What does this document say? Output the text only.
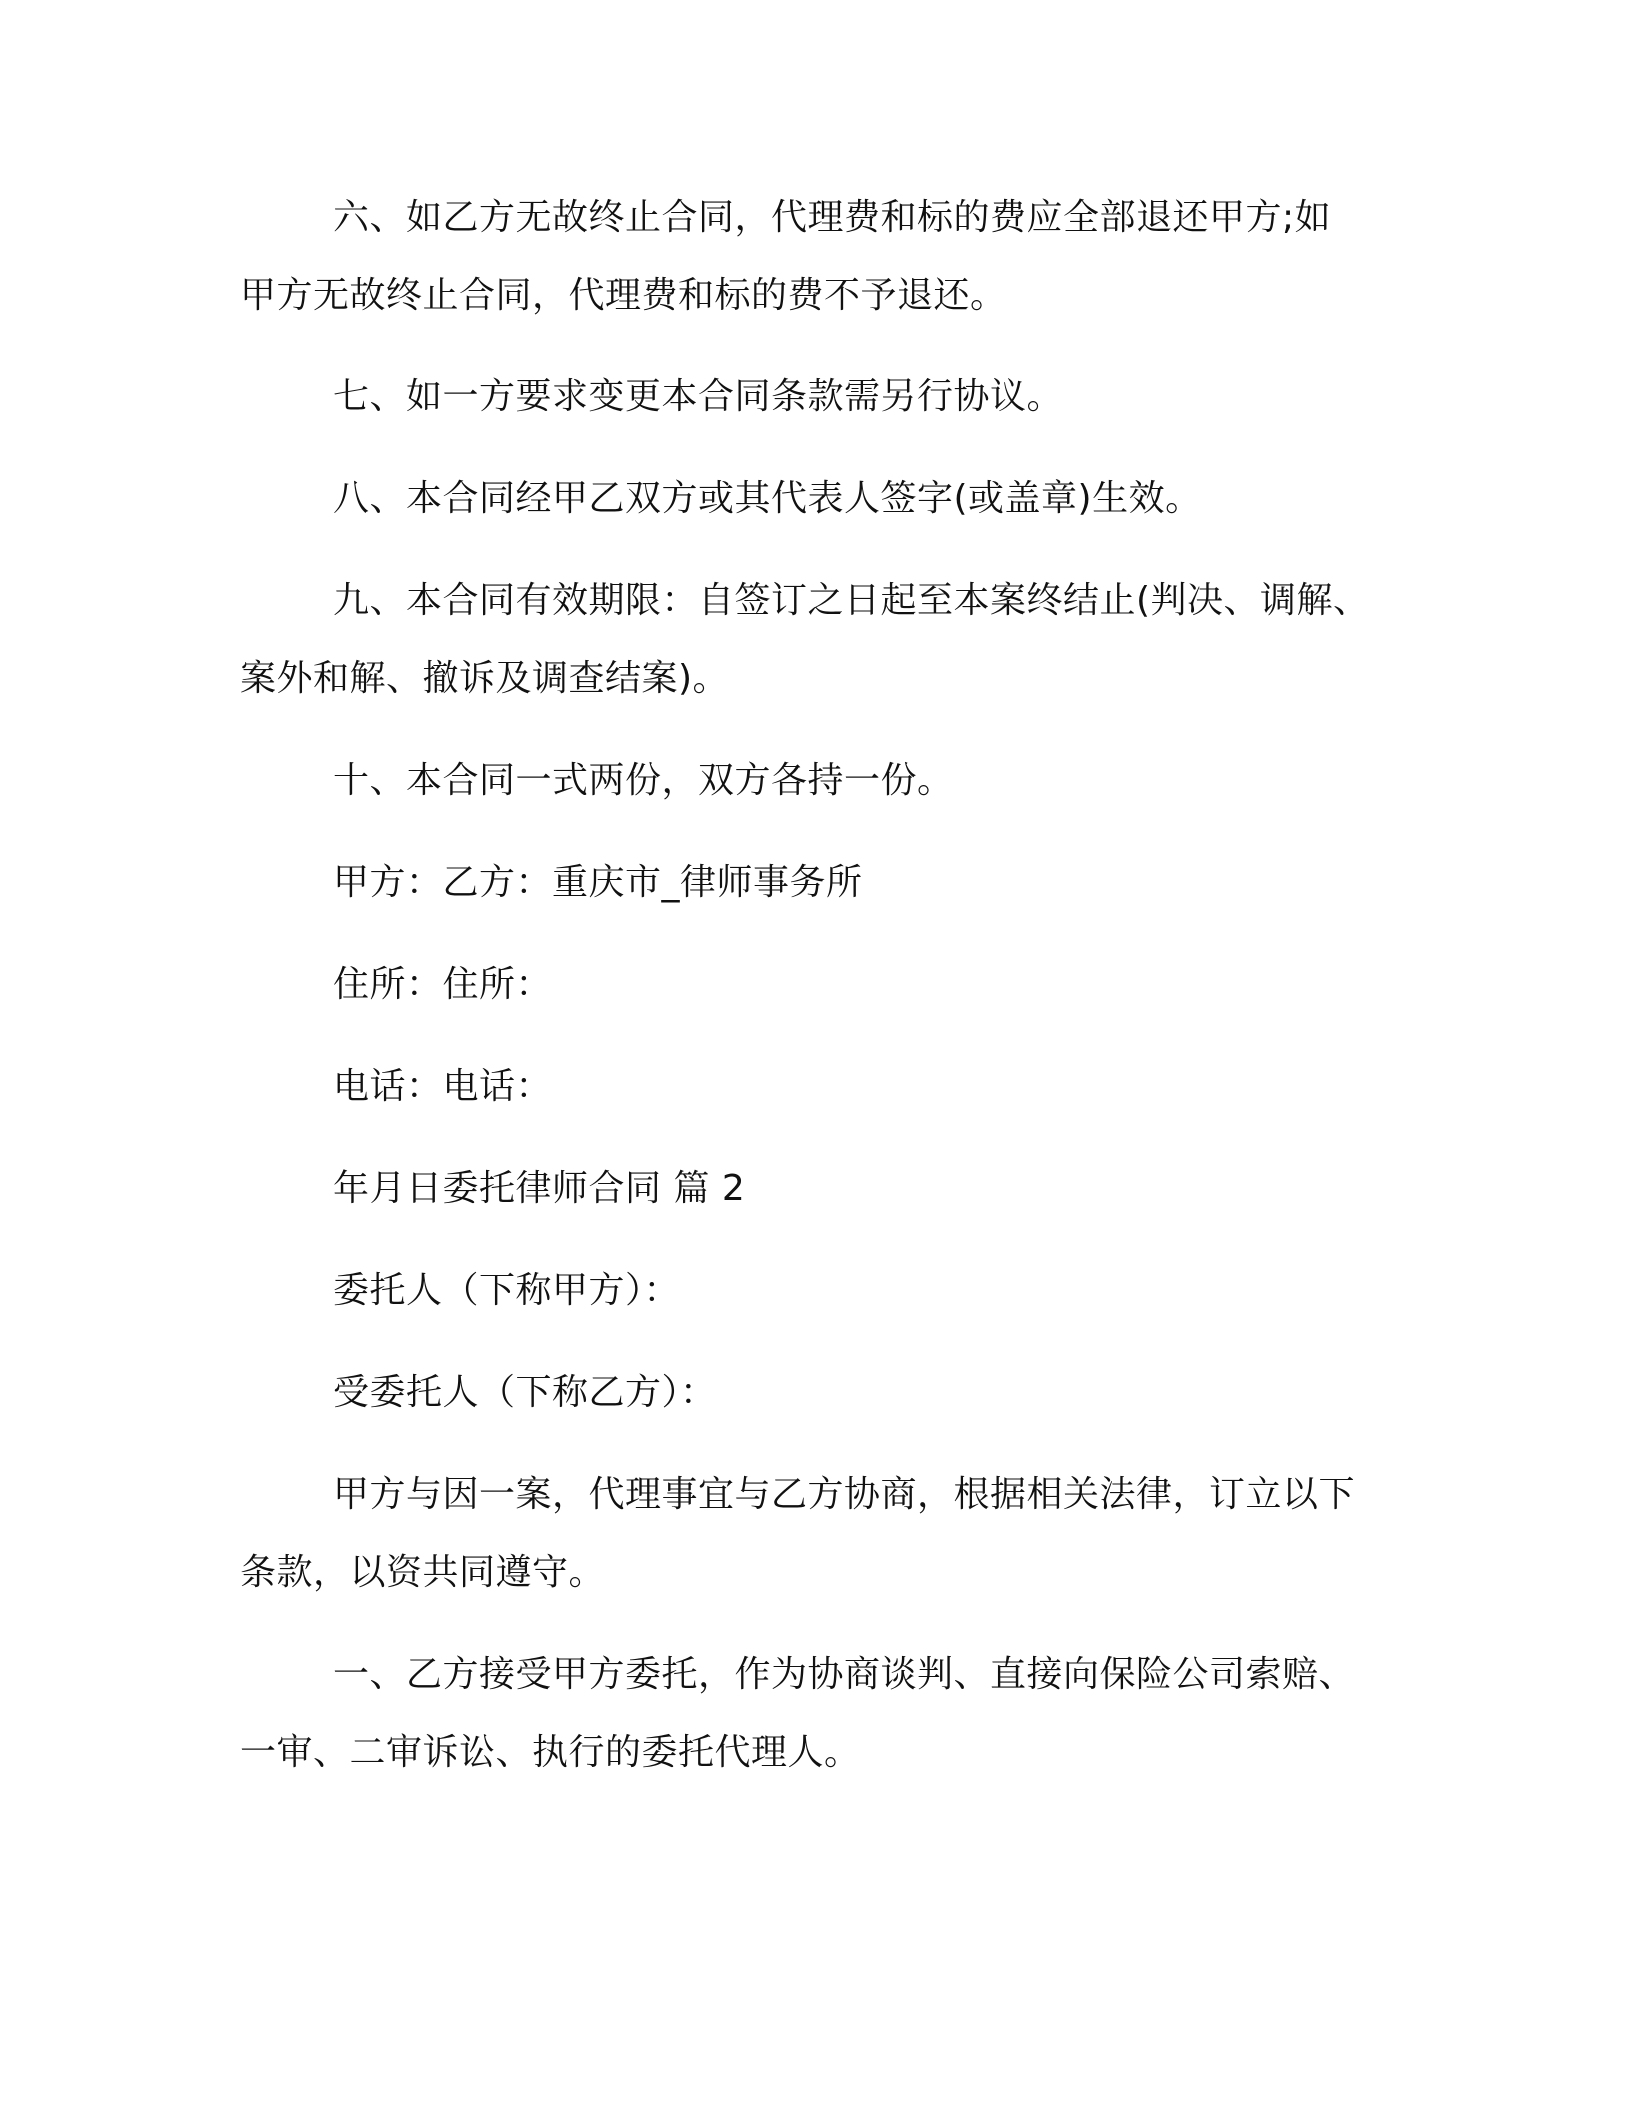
六、如乙方无故终止合同，代理费和标的费应全部退还甲方;如
甲方无故终止合同，代理费和标的费不予退还。
七、如一方要求变更本合同条款需另行协议。
八、本合同经甲乙双方或其代表人签字(或盖章)生效。
九、本合同有效期限：自签订之日起至本案终结止(判决、调解、
案外和解、撤诉及调查结案)。
十、本合同一式两份，双方各持一份。
甲方：乙方：重庆市_律师事务所
住所：住所：
电话：电话：
年月日委托律师合同 篇 2
委托人（下称甲方）：
受委托人（下称乙方）：
甲方与因一案，代理事宜与乙方协商，根据相关法律，订立以下
条款，以资共同遵守。
一、乙方接受甲方委托，作为协商谈判、直接向保险公司索赔、
一审、二审诉讼、执行的委托代理人。
